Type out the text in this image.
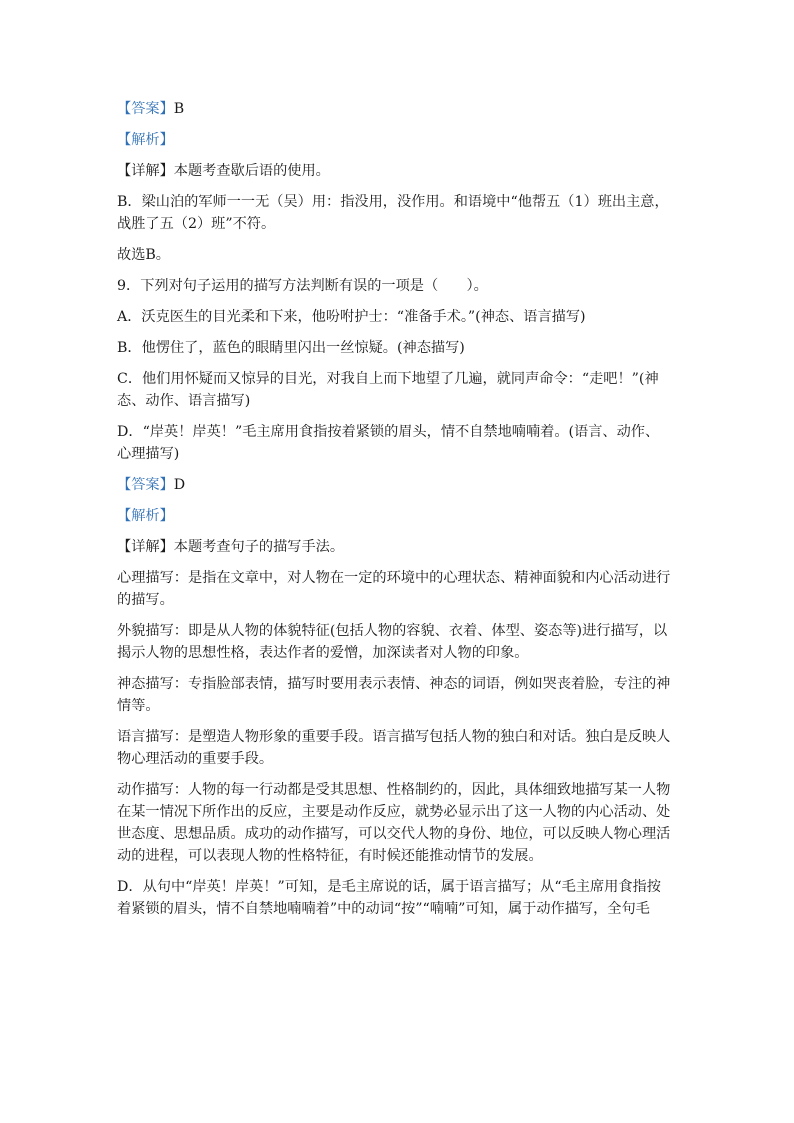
【答案】B
【解析】
【详解】本题考查歇后语的使用。
B．梁山泊的军师一一无（吴）用：指没用，没作用。和语境中“他帮五（1）班出主意，
战胜了五（2）班”不符。
故选B。
9．下列对句子运用的描写方法判断有误的一项是（　　）。
A．沃克医生的目光柔和下来，他吩咐护士：“准备手术。”(神态、语言描写)
B．他愣住了，蓝色的眼睛里闪出一丝惊疑。(神态描写)
C．他们用怀疑而又惊异的目光，对我自上而下地望了几遍，就同声命令：“走吧！”(神
态、动作、语言描写)
D．“岸英！岸英！”毛主席用食指按着紧锁的眉头，情不自禁地喃喃着。(语言、动作、
心理描写)
【答案】D
【解析】
【详解】本题考查句子的描写手法。
心理描写：是指在文章中，对人物在一定的环境中的心理状态、精神面貌和内心活动进行
的描写。
外貌描写：即是从人物的体貌特征(包括人物的容貌、衣着、体型、姿态等)进行描写，以
揭示人物的思想性格，表达作者的爱憎，加深读者对人物的印象。
神态描写：专指脸部表情，描写时要用表示表情、神态的词语，例如哭丧着脸，专注的神
情等。
语言描写：是塑造人物形象的重要手段。语言描写包括人物的独白和对话。独白是反映人
物心理活动的重要手段。
动作描写：人物的每一行动都是受其思想、性格制约的，因此，具体细致地描写某一人物
在某一情况下所作出的反应，主要是动作反应，就势必显示出了这一人物的内心活动、处
世态度、思想品质。成功的动作描写，可以交代人物的身份、地位，可以反映人物心理活
动的进程，可以表现人物的性格特征，有时候还能推动情节的发展。
D．从句中“岸英！岸英！”可知，是毛主席说的话，属于语言描写；从“毛主席用食指按
着紧锁的眉头，情不自禁地喃喃着”中的动词“按”“喃喃”可知，属于动作描写，全句毛
